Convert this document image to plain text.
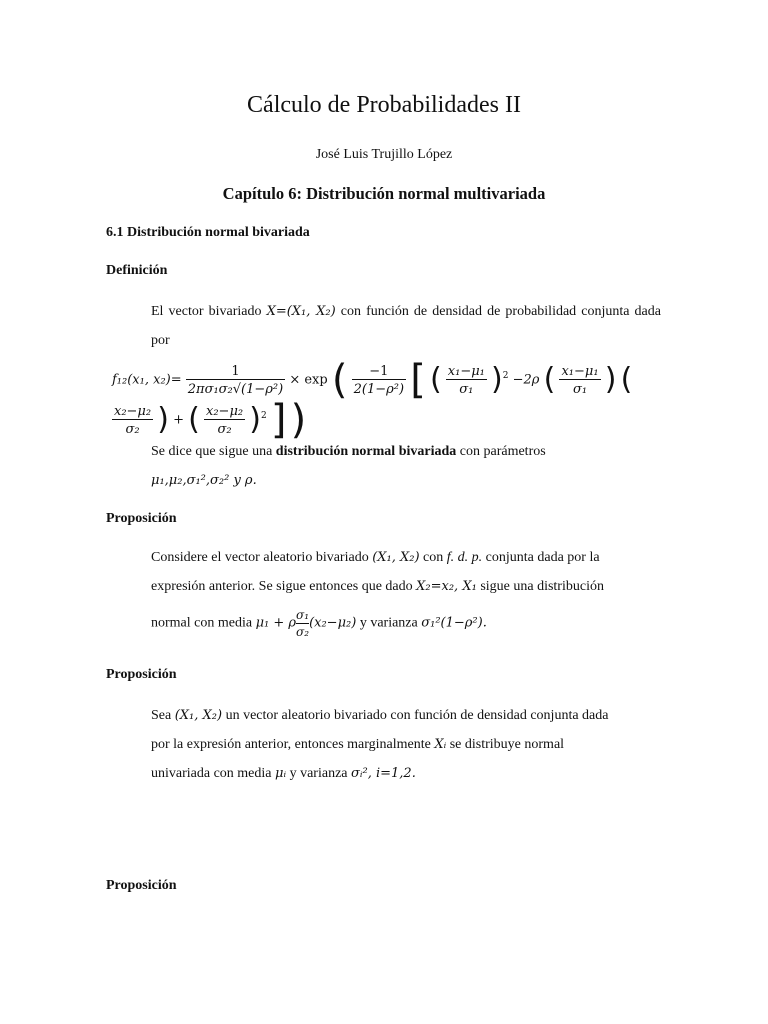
Cálculo de Probabilidades II
José Luis Trujillo López
Capítulo 6: Distribución normal multivariada
6.1 Distribución normal bivariada
Definición
El vector bivariado X=(X₁, X₂) con función de densidad de probabilidad conjunta dada por
f₁₂(x₁, $x_2)= \frac{1}{\text{2πσ₁σ₂√(1−ρ²)}} \times \exp$ ( $\frac{-1}{\text{2(1−ρ²)}}$ [ ( $\frac{\text{x₁−μ₁}}{\text{σ₁}} )^2 -2\rho$ ( $\frac{\text{x₁−μ₁}}{\text{σ₁}}$ ) (
$\frac{\text{x₂−μ₂}}{\text{σ₂}}$ ) + ( $\frac{\text{x₂−μ₂}}{\text{σ₂}} )^2$ ] )
Se dice que sigue una distribución normal bivariada con parámetros
μ₁,μ₂,σ₁²,σ₂² y ρ.
Proposición
Considere el vector aleatorio bivariado (X₁, X₂) con f. d. p. conjunta dada por la
expresión anterior. Se sigue entonces que dado X₂=x₂, X₁ sigue una distribución
normal con media μ₁ + ρ $\frac{\text{σ₁}}{\text{σ₂}} (x_2-\mu_2)$ y varianza σ₁²(1−ρ²).
Proposición
Sea (X₁, X₂) un vector aleatorio bivariado con función de densidad conjunta dada
por la expresión anterior, entonces marginalmente Xᵢ se distribuye normal
univariada con media μᵢ y varianza σᵢ², i=1,2.
Proposición
